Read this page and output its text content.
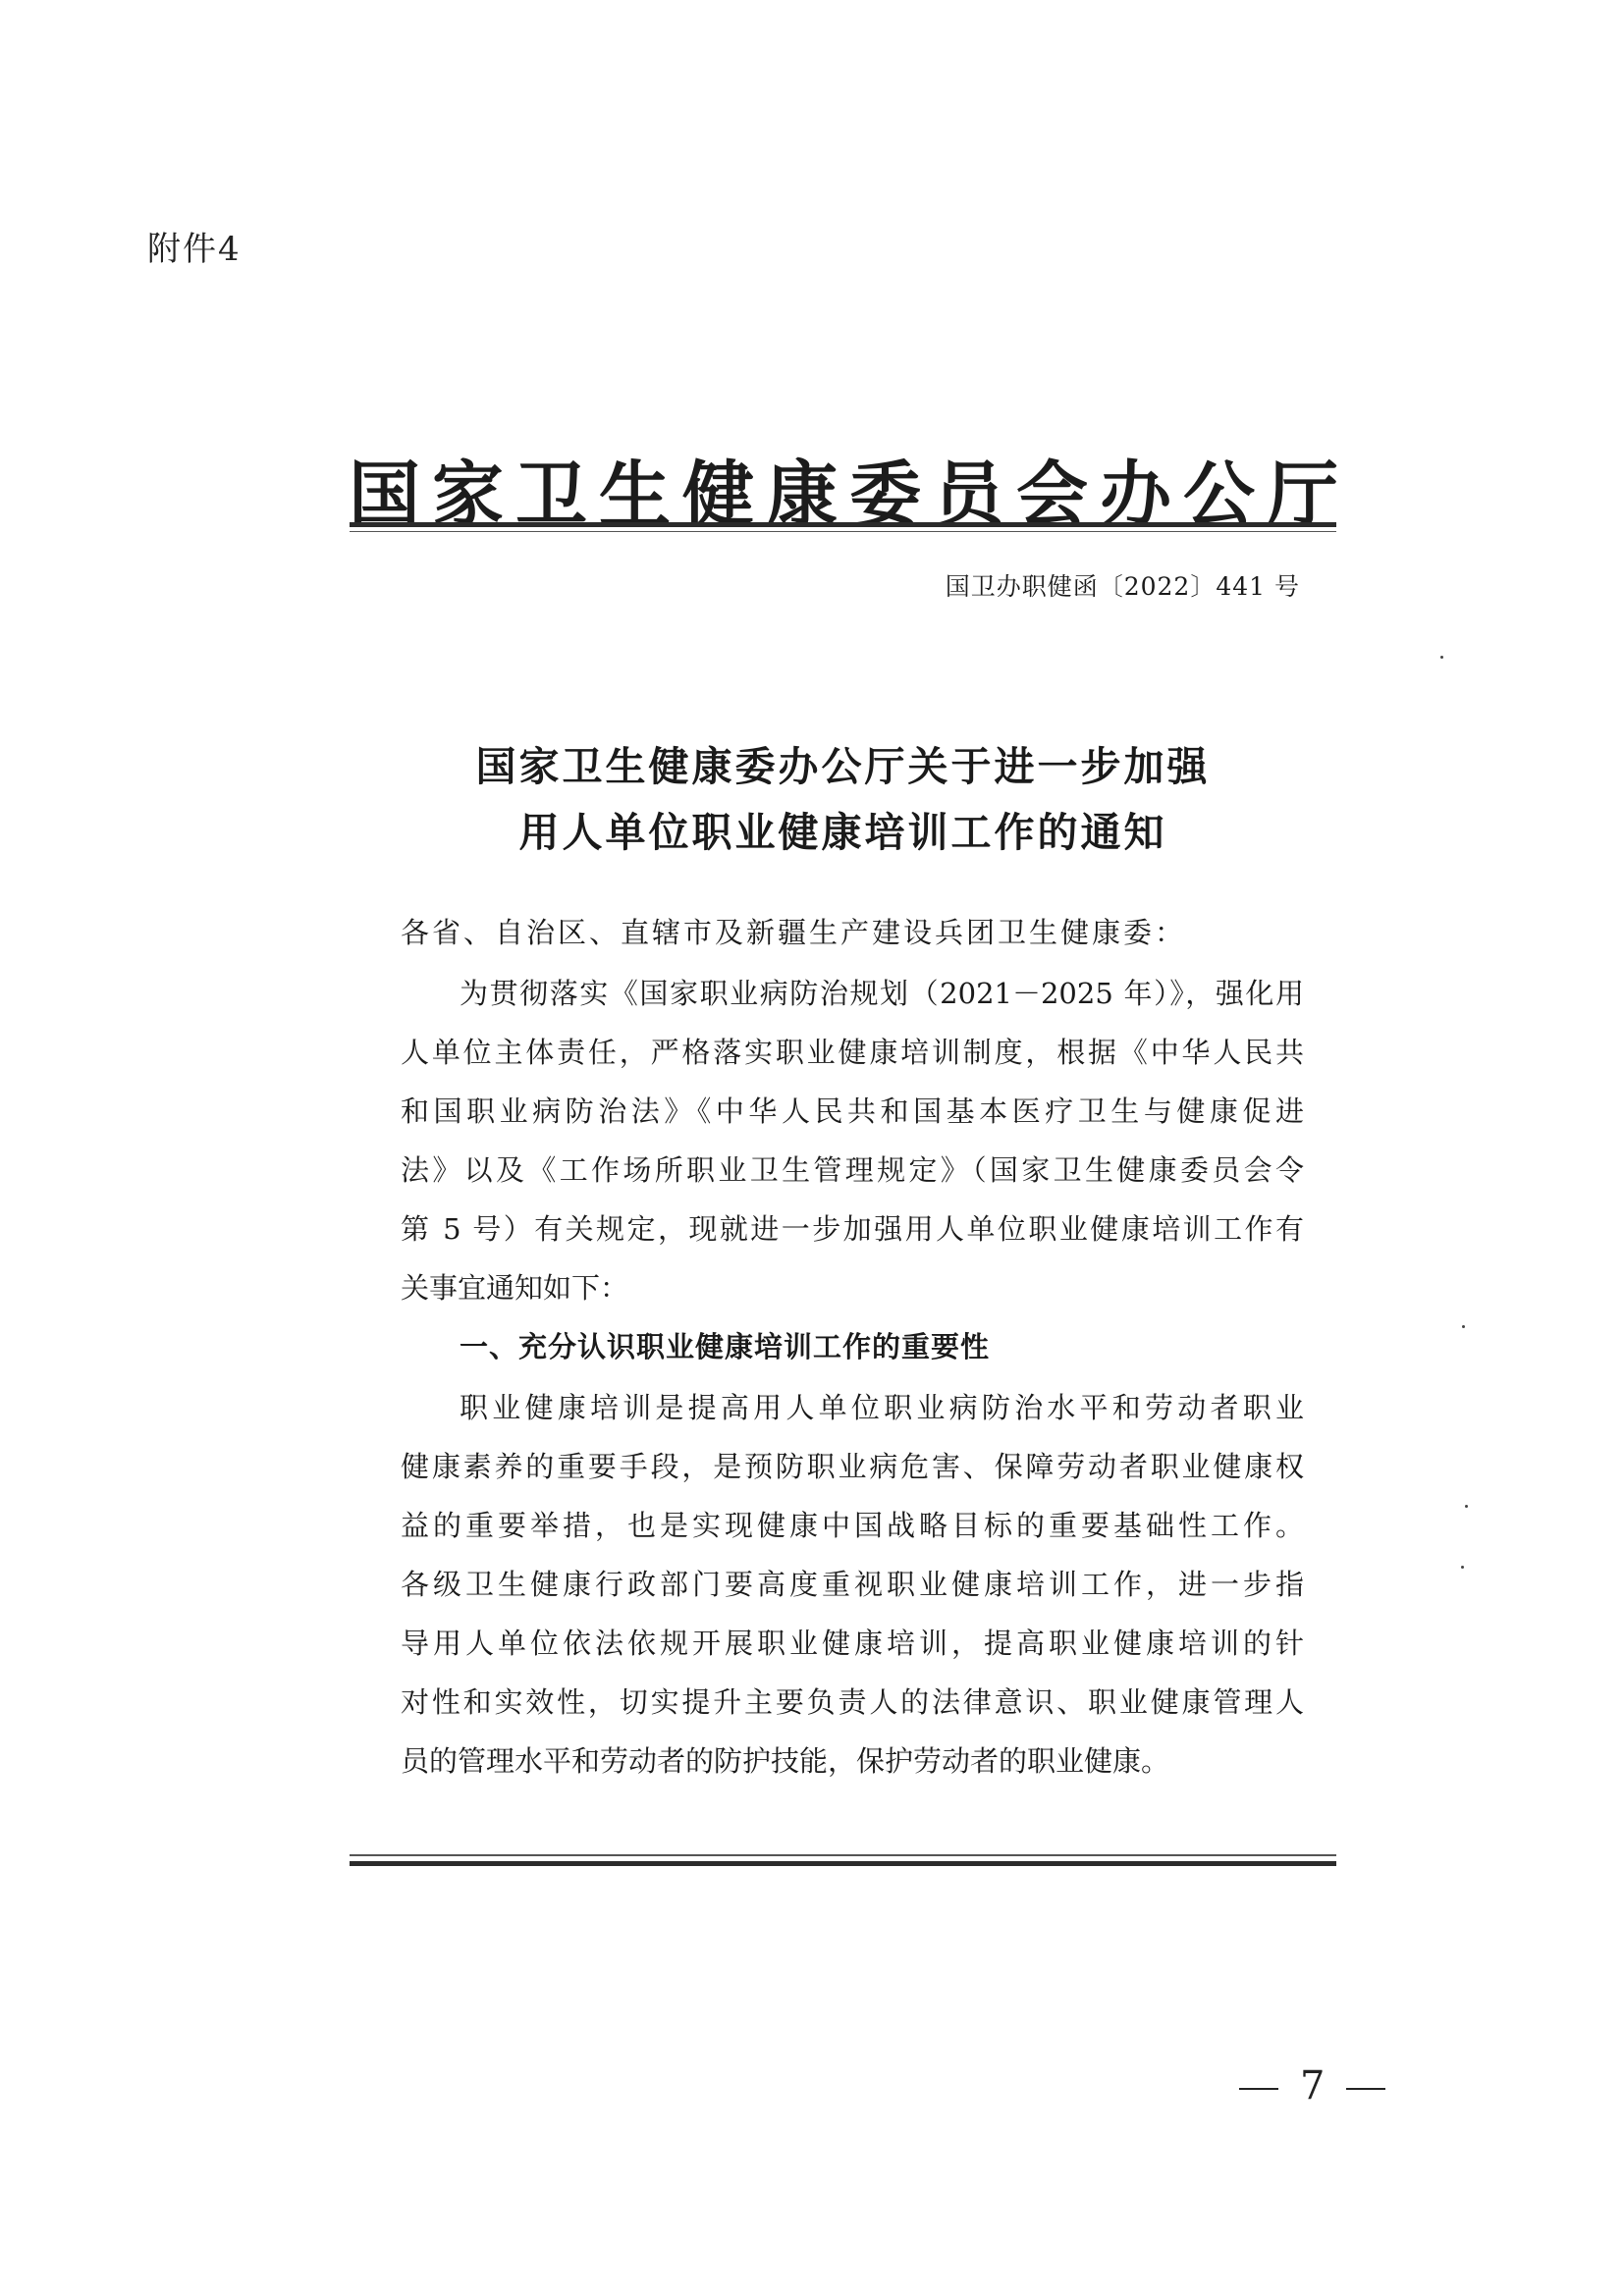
附件4
国家卫生健康委员会办公厅
国卫办职健函〔2022〕441 号
国家卫生健康委办公厅关于进一步加强
用人单位职业健康培训工作的通知
各省、自治区、直辖市及新疆生产建设兵团卫生健康委：
为贯彻落实《国家职业病防治规划（2021－2025 年）》，强化用
人单位主体责任，严格落实职业健康培训制度，根据《中华人民共
和国职业病防治法》《中华人民共和国基本医疗卫生与健康促进
法》以及《工作场所职业卫生管理规定》（国家卫生健康委员会令
第 5 号）有关规定，现就进一步加强用人单位职业健康培训工作有
关事宜通知如下：
一、充分认识职业健康培训工作的重要性
职业健康培训是提高用人单位职业病防治水平和劳动者职业
健康素养的重要手段，是预防职业病危害、保障劳动者职业健康权
益的重要举措，也是实现健康中国战略目标的重要基础性工作。
各级卫生健康行政部门要高度重视职业健康培训工作，进一步指
导用人单位依法依规开展职业健康培训，提高职业健康培训的针
对性和实效性，切实提升主要负责人的法律意识、职业健康管理人
员的管理水平和劳动者的防护技能，保护劳动者的职业健康。
7
